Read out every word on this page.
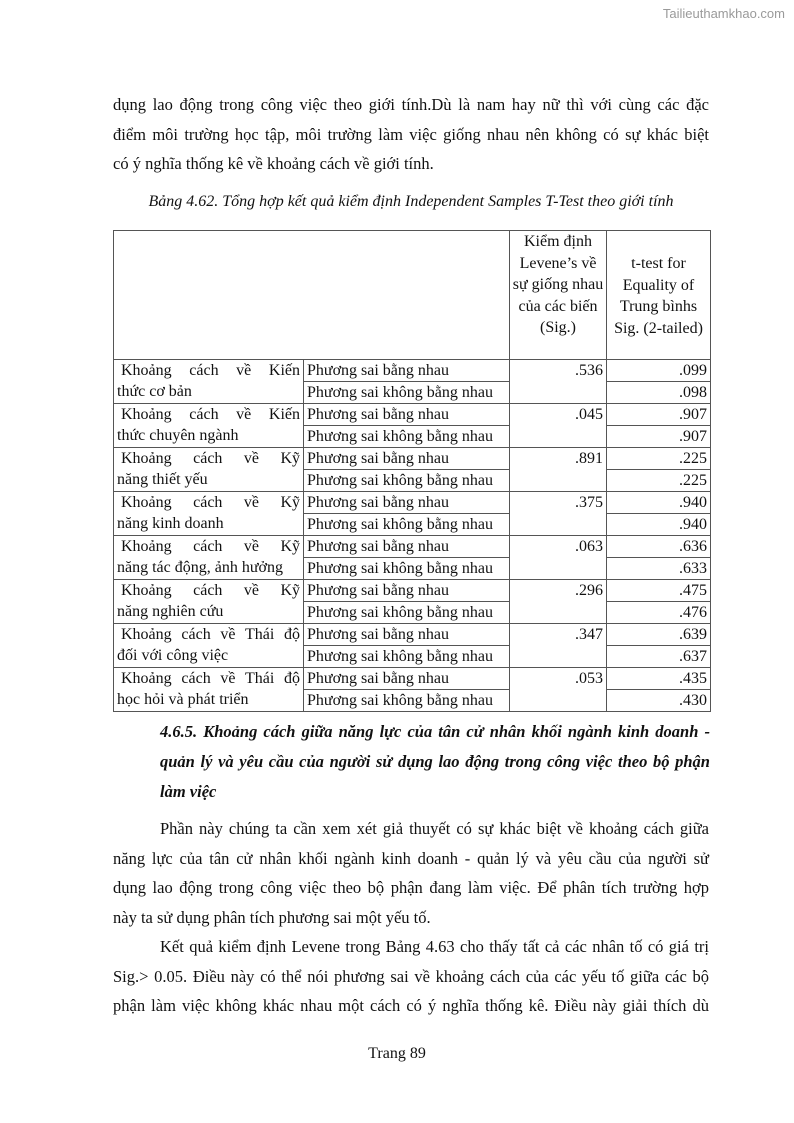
Tailieuthamkhao.com
dụng lao động trong công việc theo giới tính.Dù là nam hay nữ thì với cùng các đặc
điểm môi trường học tập, môi trường làm việc giống nhau nên không có sự khác biệt
có ý nghĩa thống kê về khoảng cách về giới tính.
Bảng 4.62. Tổng hợp kết quả kiểm định Independent Samples T-Test theo giới tính
		Kiểm định Levene’s về sự giống nhau của các biến (Sig.)	t-test for Equality of Trung bìnhs Sig. (2-tailed)

Khoảng cách về Kiến
thức cơ bản	Phương sai bằng nhau	.536	.099
	Phương sai không bằng nhau		.098

Khoảng cách về Kiến
thức chuyên ngành	Phương sai bằng nhau	.045	.907
	Phương sai không bằng nhau		.907

Khoảng cách về Kỹ
năng thiết yếu	Phương sai bằng nhau	.891	.225
	Phương sai không bằng nhau		.225

Khoảng cách về Kỹ
năng kinh doanh	Phương sai bằng nhau	.375	.940
	Phương sai không bằng nhau		.940

Khoảng cách về Kỹ
năng tác động, ảnh hưởng	Phương sai bằng nhau	.063	.636
	Phương sai không bằng nhau		.633

Khoảng cách về Kỹ
năng nghiên cứu	Phương sai bằng nhau	.296	.475
	Phương sai không bằng nhau		.476

Khoảng cách về Thái độ
đối với công việc	Phương sai bằng nhau	.347	.639
	Phương sai không bằng nhau		.637

Khoảng cách về Thái độ
học hỏi và phát triển	Phương sai bằng nhau	.053	.435
	Phương sai không bằng nhau		.430
4.6.5. Khoảng cách giữa năng lực của tân cử nhân khối ngành kinh doanh -
quản lý và yêu cầu của người sử dụng lao động trong công việc theo bộ phận
làm việc
Phần này chúng ta cần xem xét giả thuyết có sự khác biệt về khoảng cách giữa
năng lực của tân cử nhân khối ngành kinh doanh - quản lý và yêu cầu của người sử
dụng lao động trong công việc theo bộ phận đang làm việc. Để phân tích trường hợp
này ta sử dụng phân tích phương sai một yếu tố.
Kết quả kiểm định Levene trong Bảng 4.63 cho thấy tất cả các nhân tố có giá trị
Sig.> 0.05. Điều này có thể nói phương sai về khoảng cách của các yếu tố giữa các bộ
phận làm việc không khác nhau một cách có ý nghĩa thống kê. Điều này giải thích dù
Trang 89
